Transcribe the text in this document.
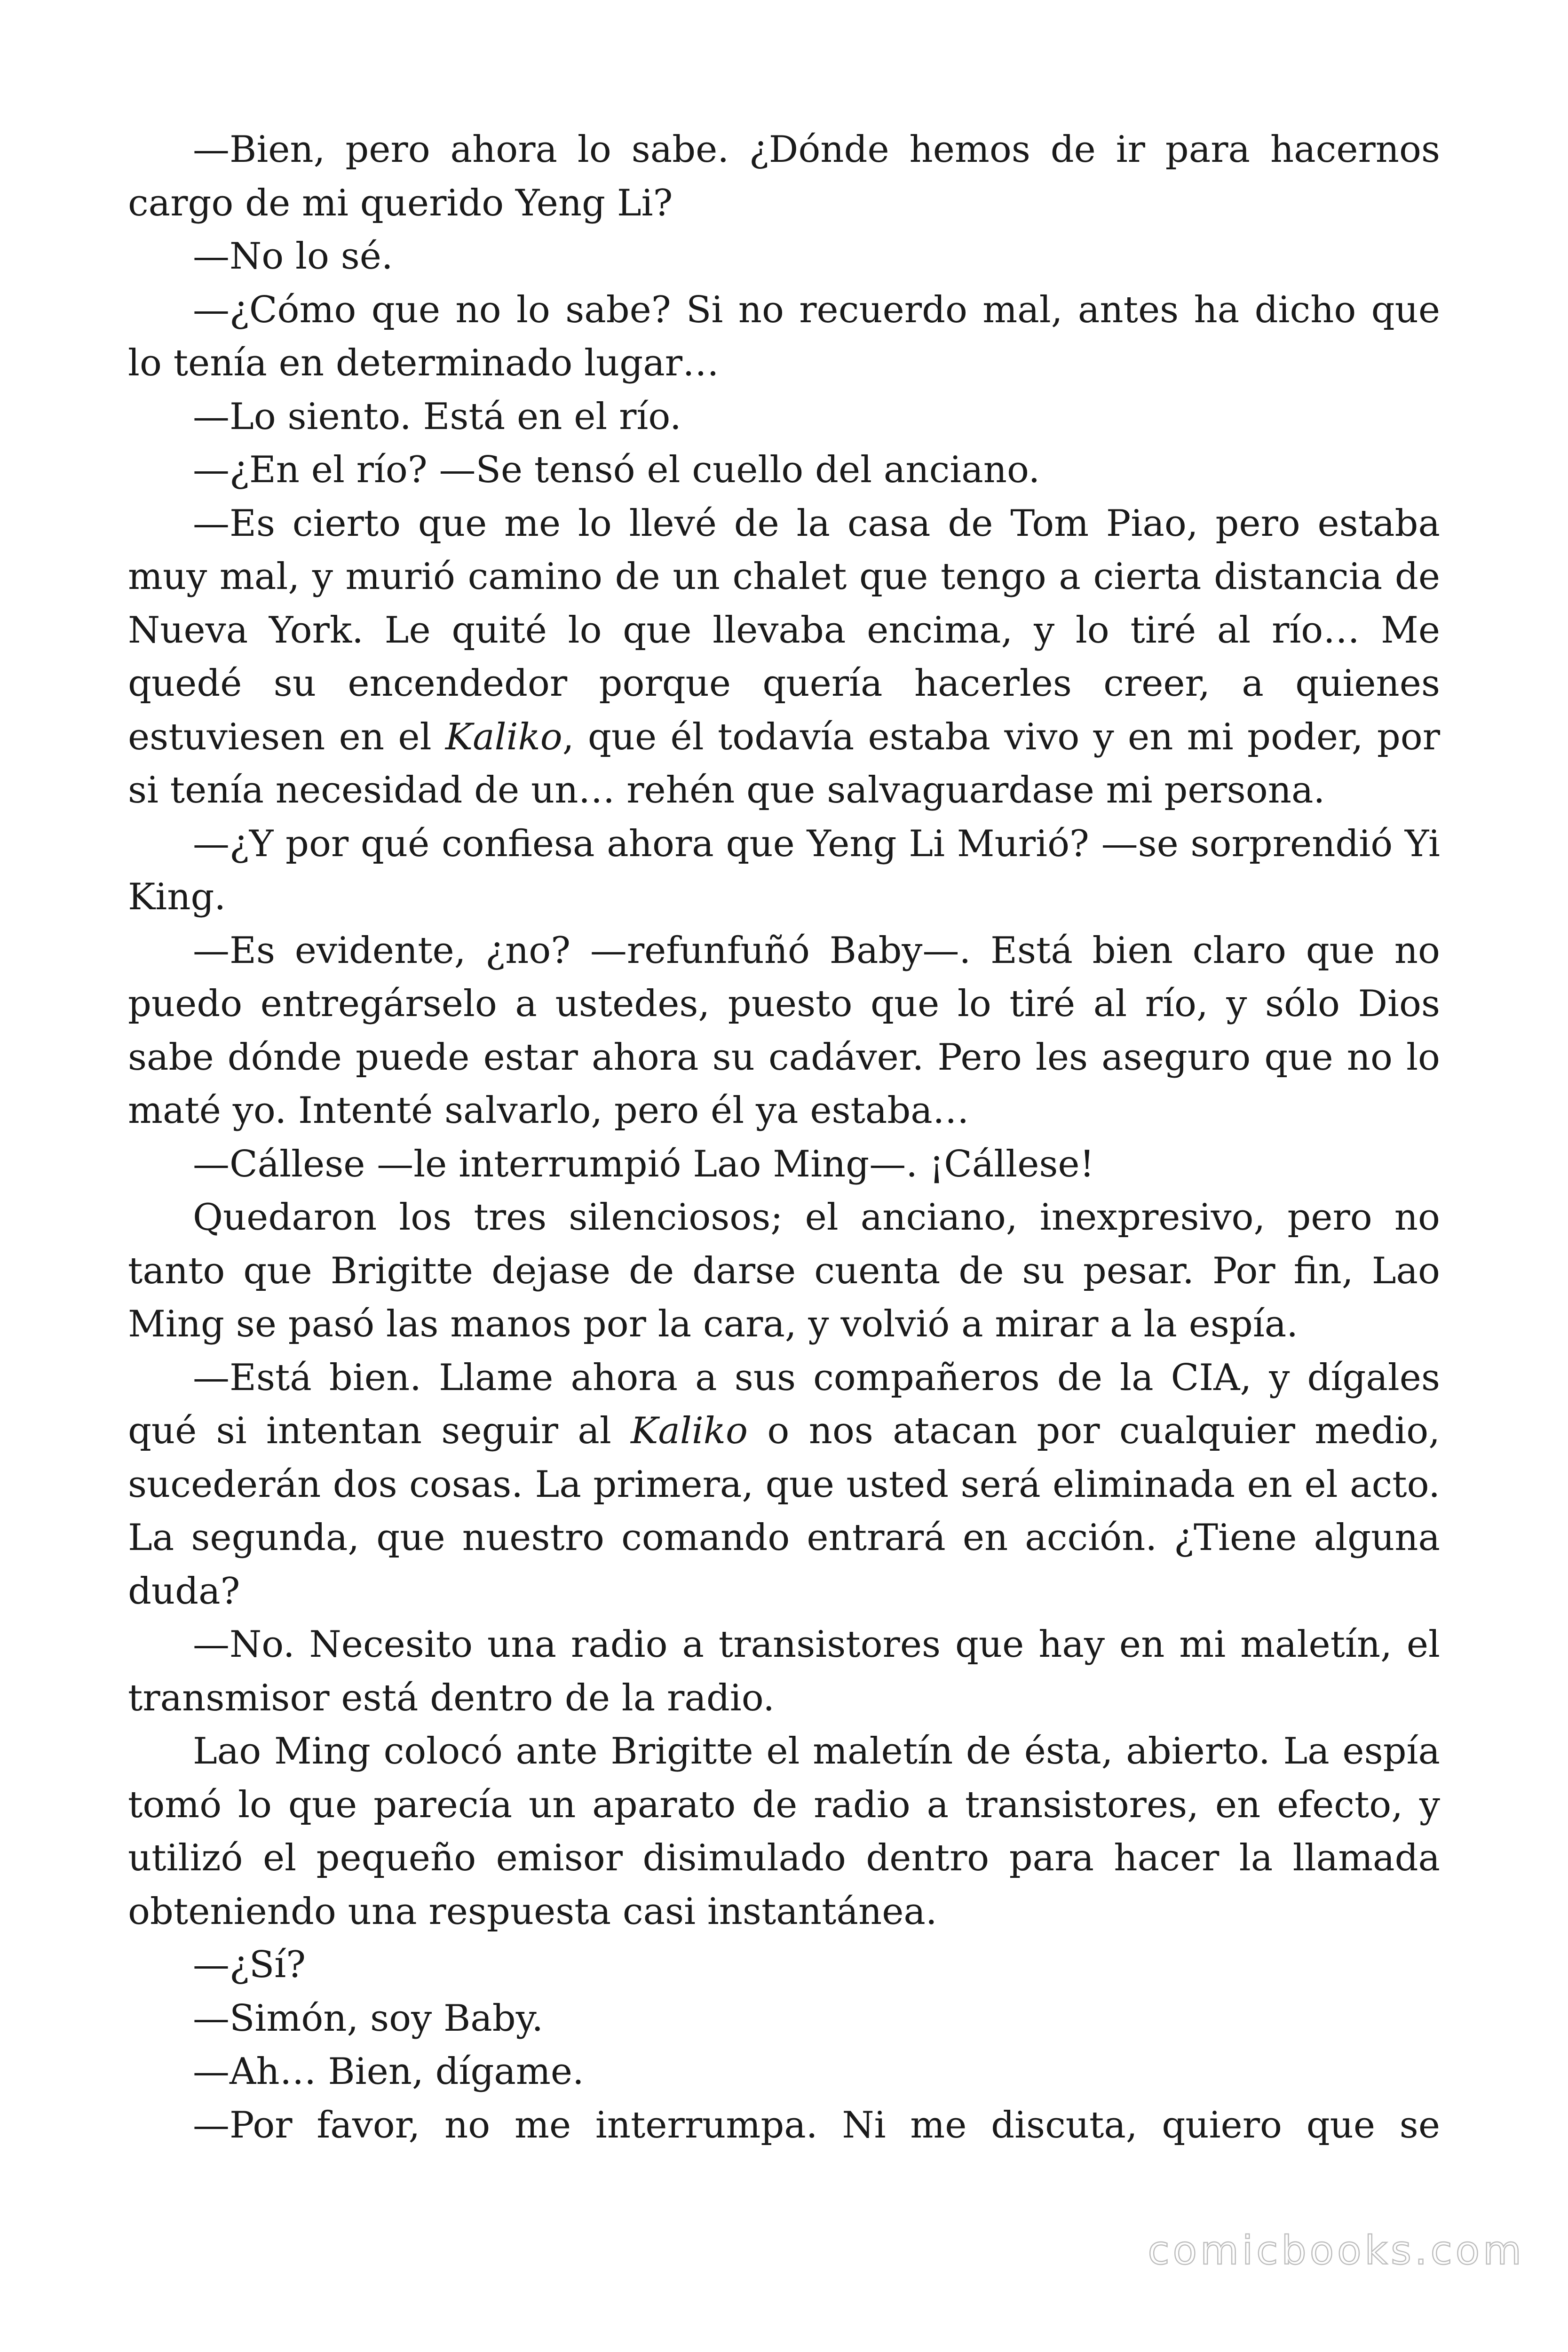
—Bien, pero ahora lo sabe. ¿Dónde hemos de ir para hacernos cargo de mi querido Yeng Li?

—No lo sé.

—¿Cómo que no lo sabe? Si no recuerdo mal, antes ha dicho que lo tenía en determinado lugar…

—Lo siento. Está en el río.

—¿En el río? —Se tensó el cuello del anciano.

—Es cierto que me lo llevé de la casa de Tom Piao, pero estaba muy mal, y murió camino de un chalet que tengo a cierta distancia de Nueva York. Le quité lo que llevaba encima, y lo tiré al río… Me quedé su encendedor porque quería hacerles creer, a quienes estuviesen en el Kaliko, que él todavía estaba vivo y en mi poder, por si tenía necesidad de un… rehén que salvaguardase mi persona.

—¿Y por qué confiesa ahora que Yeng Li Murió? —se sorprendió Yi King.

—Es evidente, ¿no? —refunfuñó Baby—. Está bien claro que no puedo entregárselo a ustedes, puesto que lo tiré al río, y sólo Dios sabe dónde puede estar ahora su cadáver. Pero les aseguro que no lo maté yo. Intenté salvarlo, pero él ya estaba…

—Cállese —le interrumpió Lao Ming—. ¡Cállese!

Quedaron los tres silenciosos; el anciano, inexpresivo, pero no tanto que Brigitte dejase de darse cuenta de su pesar. Por fin, Lao Ming se pasó las manos por la cara, y volvió a mirar a la espía.

—Está bien. Llame ahora a sus compañeros de la CIA, y dígales qué si intentan seguir al Kaliko o nos atacan por cualquier medio, sucederán dos cosas. La primera, que usted será eliminada en el acto. La segunda, que nuestro comando entrará en acción. ¿Tiene alguna duda?

—No. Necesito una radio a transistores que hay en mi maletín, el transmisor está dentro de la radio.

Lao Ming colocó ante Brigitte el maletín de ésta, abierto. La espía tomó lo que parecía un aparato de radio a transistores, en efecto, y utilizó el pequeño emisor disimulado dentro para hacer la llamada obteniendo una respuesta casi instantánea.

—¿Sí?

—Simón, soy Baby.

—Ah… Bien, dígame.

—Por favor, no me interrumpa. Ni me discuta, quiero que se

comicbooks.com
